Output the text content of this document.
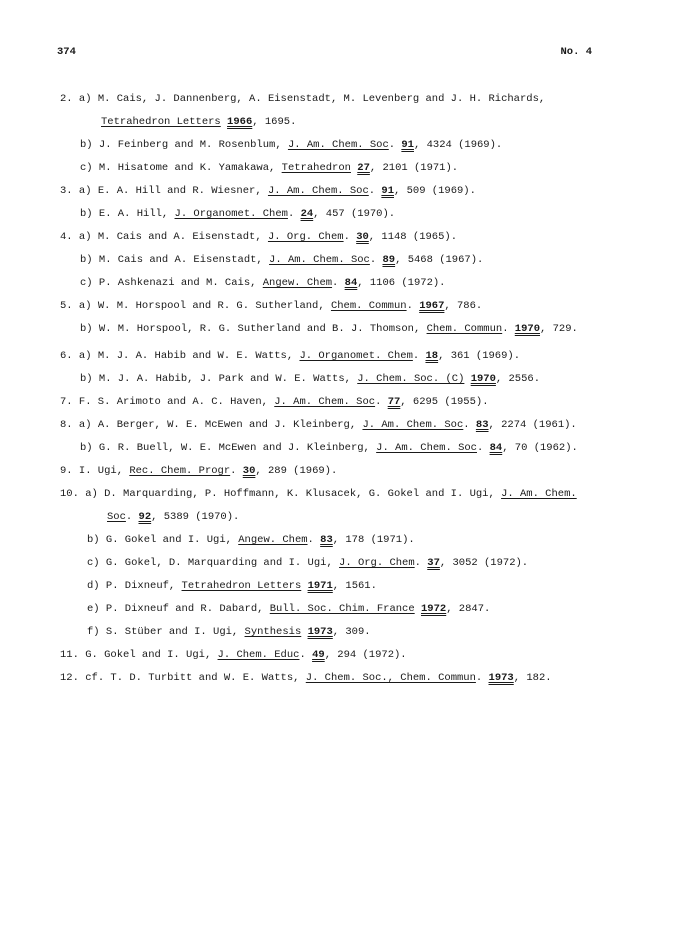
374	No. 4
2. a) M. Cais, J. Dannenberg, A. Eisenstadt, M. Levenberg and J. H. Richards,
Tetrahedron Letters 1966, 1695.
b) J. Feinberg and M. Rosenblum, J. Am. Chem. Soc. 91, 4324 (1969).
c) M. Hisatome and K. Yamakawa, Tetrahedron 27, 2101 (1971).
3. a) E. A. Hill and R. Wiesner, J. Am. Chem. Soc. 91, 509 (1969).
b) E. A. Hill, J. Organomet. Chem. 24, 457 (1970).
4. a) M. Cais and A. Eisenstadt, J. Org. Chem. 30, 1148 (1965).
b) M. Cais and A. Eisenstadt, J. Am. Chem. Soc. 89, 5468 (1967).
c) P. Ashkenazi and M. Cais, Angew. Chem. 84, 1106 (1972).
5. a) W. M. Horspool and R. G. Sutherland, Chem. Commun. 1967, 786.
b) W. M. Horspool, R. G. Sutherland and B. J. Thomson, Chem. Commun. 1970, 729.
6. a) M. J. A. Habib and W. E. Watts, J. Organomet. Chem. 18, 361 (1969).
b) M. J. A. Habib, J. Park and W. E. Watts, J. Chem. Soc. (C) 1970, 2556.
7. F. S. Arimoto and A. C. Haven, J. Am. Chem. Soc. 77, 6295 (1955).
8. a) A. Berger, W. E. McEwen and J. Kleinberg, J. Am. Chem. Soc. 83, 2274 (1961).
b) G. R. Buell, W. E. McEwen and J. Kleinberg, J. Am. Chem. Soc. 84, 70 (1962).
9. I. Ugi, Rec. Chem. Progr. 30, 289 (1969).
10. a) D. Marquarding, P. Hoffmann, K. Klusacek, G. Gokel and I. Ugi, J. Am. Chem.
Soc. 92, 5389 (1970).
b) G. Gokel and I. Ugi, Angew. Chem. 83, 178 (1971).
c) G. Gokel, D. Marquarding and I. Ugi, J. Org. Chem. 37, 3052 (1972).
d) P. Dixneuf, Tetrahedron Letters 1971, 1561.
e) P. Dixneuf and R. Dabard, Bull. Soc. Chim. France 1972, 2847.
f) S. Stüber and I. Ugi, Synthesis 1973, 309.
11. G. Gokel and I. Ugi, J. Chem. Educ. 49, 294 (1972).
12. cf. T. D. Turbitt and W. E. Watts, J. Chem. Soc., Chem. Commun. 1973, 182.
